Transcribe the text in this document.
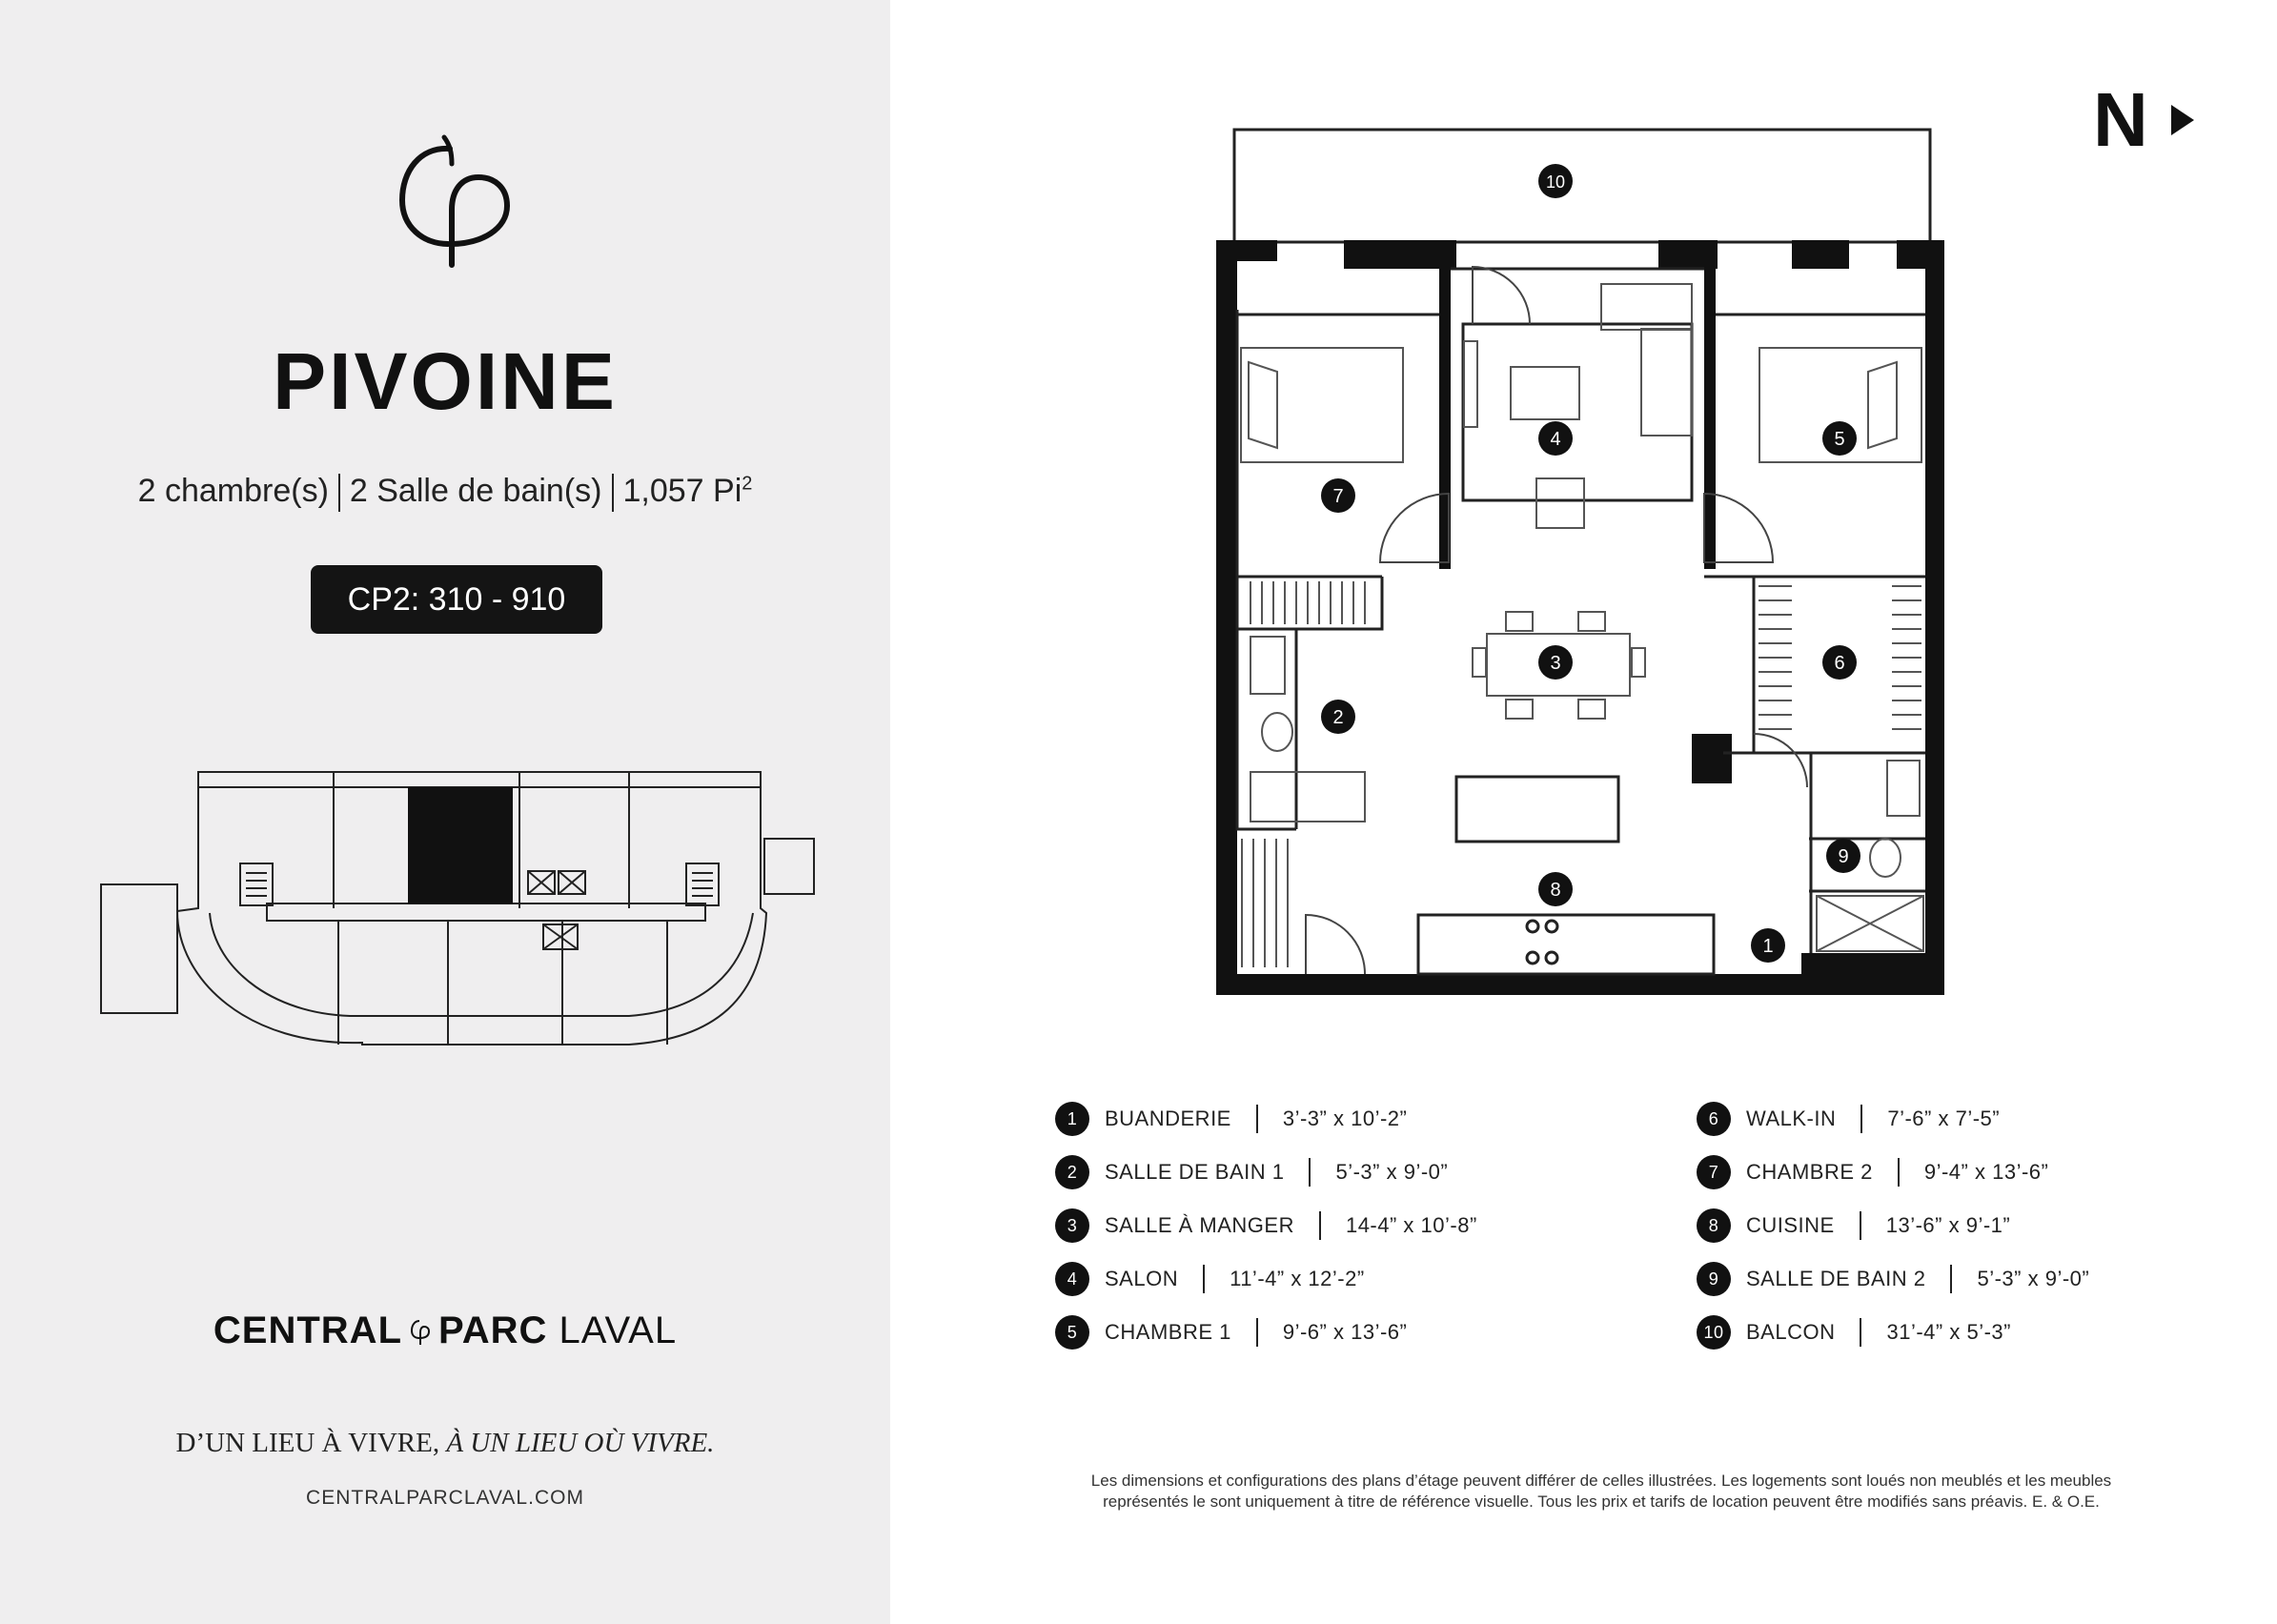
PIVOINE
2 chambre(s) 2 Salle de bain(s) 1,057 Pi$^2$
CP2: 310 - 910
CENTRAL PARC LAVAL
D’UN LIEU À VIVRE, À UN LIEU OÙ VIVRE.
CENTRALPARCLAVAL.COM
N
10
7
4	5
3	6
2
8
9
1
1	BUANDERIE 3’-3” x 10’-2”
2	SALLE DE BAIN 1 5’-3” x 9’-0”
3	SALLE À MANGER 14-4” x 10’-8”
4	SALON 11’-4” x 12’-2”
5	CHAMBRE 1 9’-6” x 13’-6”
6	WALK-IN 7’-6” x 7’-5”
7	CHAMBRE 2 9’-4” x 13’-6”
8	CUISINE 13’-6” x 9’-1”
9	SALLE DE BAIN 2 5’-3” x 9’-0”
10	BALCON 31’-4” x 5’-3”
Les dimensions et configurations des plans d’étage peuvent différer de celles illustrées. Les logements sont loués non meublés et les meubles
représentés le sont uniquement à titre de référence visuelle. Tous les prix et tarifs de location peuvent être modifiés sans préavis. E. & O.E.
